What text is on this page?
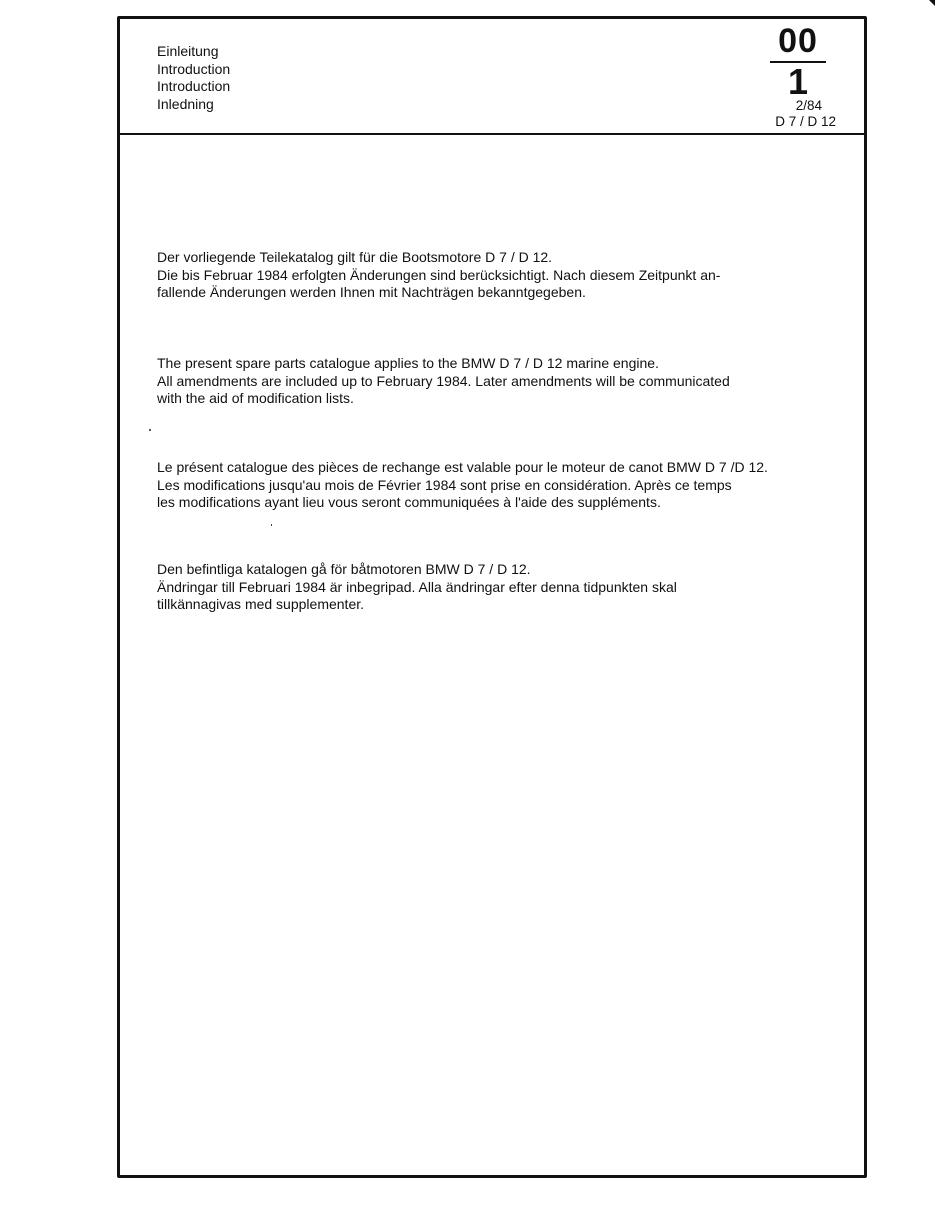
Einleitung
Introduction
Introduction
Inledning
00
1
2/84
D 7 / D 12

Der vorliegende Teilekatalog gilt für die Bootsmotore D 7 / D 12.

Die bis Februar 1984 erfolgten Änderungen sind berücksichtigt. Nach diesem Zeitpunkt an-

fallende Änderungen werden Ihnen mit Nachträgen bekanntgegeben.

The present spare parts catalogue applies to the BMW D 7 / D 12 marine engine.

All amendments are included up to February 1984. Later amendments will be communicated

with the aid of modification lists.

Le présent catalogue des pièces de rechange est valable pour le moteur de canot BMW D 7 /D 12.

Les modifications jusqu'au mois de Février 1984 sont prise en considération. Après ce temps

les modifications ayant lieu vous seront communiquées à l'aide des suppléments.

Den befintliga katalogen gå för båtmotoren BMW D 7 / D 12.

Ändringar till Februari 1984 är inbegripad. Alla ändringar efter denna tidpunkten skal

tillkännagivas med supplementer.
